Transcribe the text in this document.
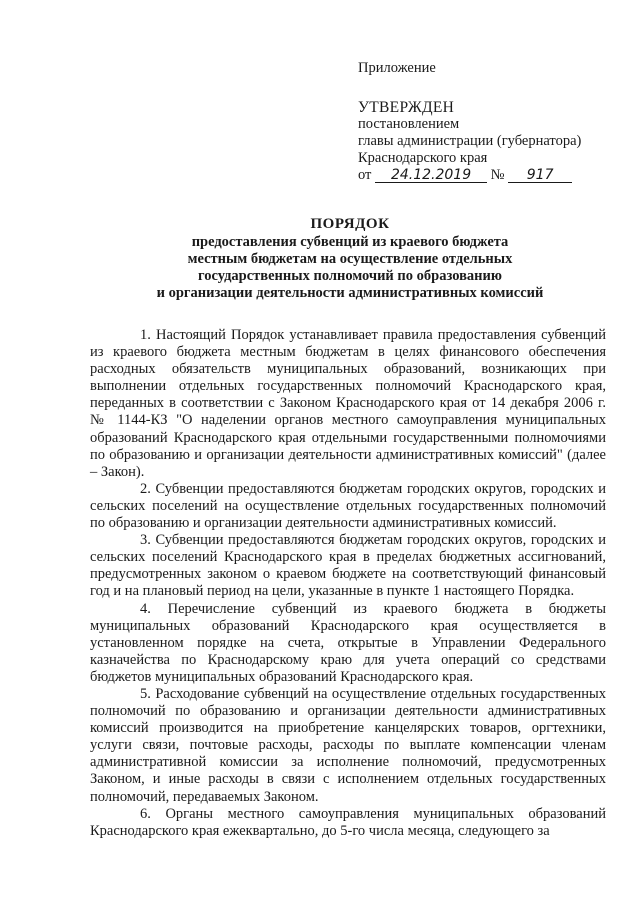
Приложение
УТВЕРЖДЕН
постановлением
главы администрации (губернатора)
Краснодарского края
от 24.12.2019 № 917
ПОРЯДОК
предоставления субвенций из краевого бюджета
местным бюджетам на осуществление отдельных
государственных полномочий по образованию
и организации деятельности административных комиссий

1. Настоящий Порядок устанавливает правила предоставления субвенций из краевого бюджета местным бюджетам в целях финансового обеспечения расходных обязательств муниципальных образований, возникающих при выполнении отдельных государственных полномочий Краснодарского края, переданных в соответствии с Законом Краснодарского края от 14 декабря 2006 г. № 1144-КЗ "О наделении органов местного самоуправления муниципальных образований Краснодарского края отдельными государственными полномочиями по образованию и организации деятельности административных комиссий" (далее – Закон).

2. Субвенции предоставляются бюджетам городских округов, городских и сельских поселений на осуществление отдельных государственных полномочий по образованию и организации деятельности административных комиссий.

3. Субвенции предоставляются бюджетам городских округов, городских и сельских поселений Краснодарского края в пределах бюджетных ассигнований, предусмотренных законом о краевом бюджете на соответствующий финансовый год и на плановый период на цели, указанные в пункте 1 настоящего Порядка.

4. Перечисление субвенций из краевого бюджета в бюджеты муниципальных образований Краснодарского края осуществляется в установленном порядке на счета, открытые в Управлении Федерального казначейства по Краснодарскому краю для учета операций со средствами бюджетов муниципальных образований Краснодарского края.

5. Расходование субвенций на осуществление отдельных государственных полномочий по образованию и организации деятельности административных комиссий производится на приобретение канцелярских товаров, оргтехники, услуги связи, почтовые расходы, расходы по выплате компенсации членам административной комиссии за исполнение полномочий, предусмотренных Законом, и иные расходы в связи с исполнением отдельных государственных полномочий, передаваемых Законом.

6. Органы местного самоуправления муниципальных образований Краснодарского края ежеквартально, до 5-го числа месяца, следующего за
